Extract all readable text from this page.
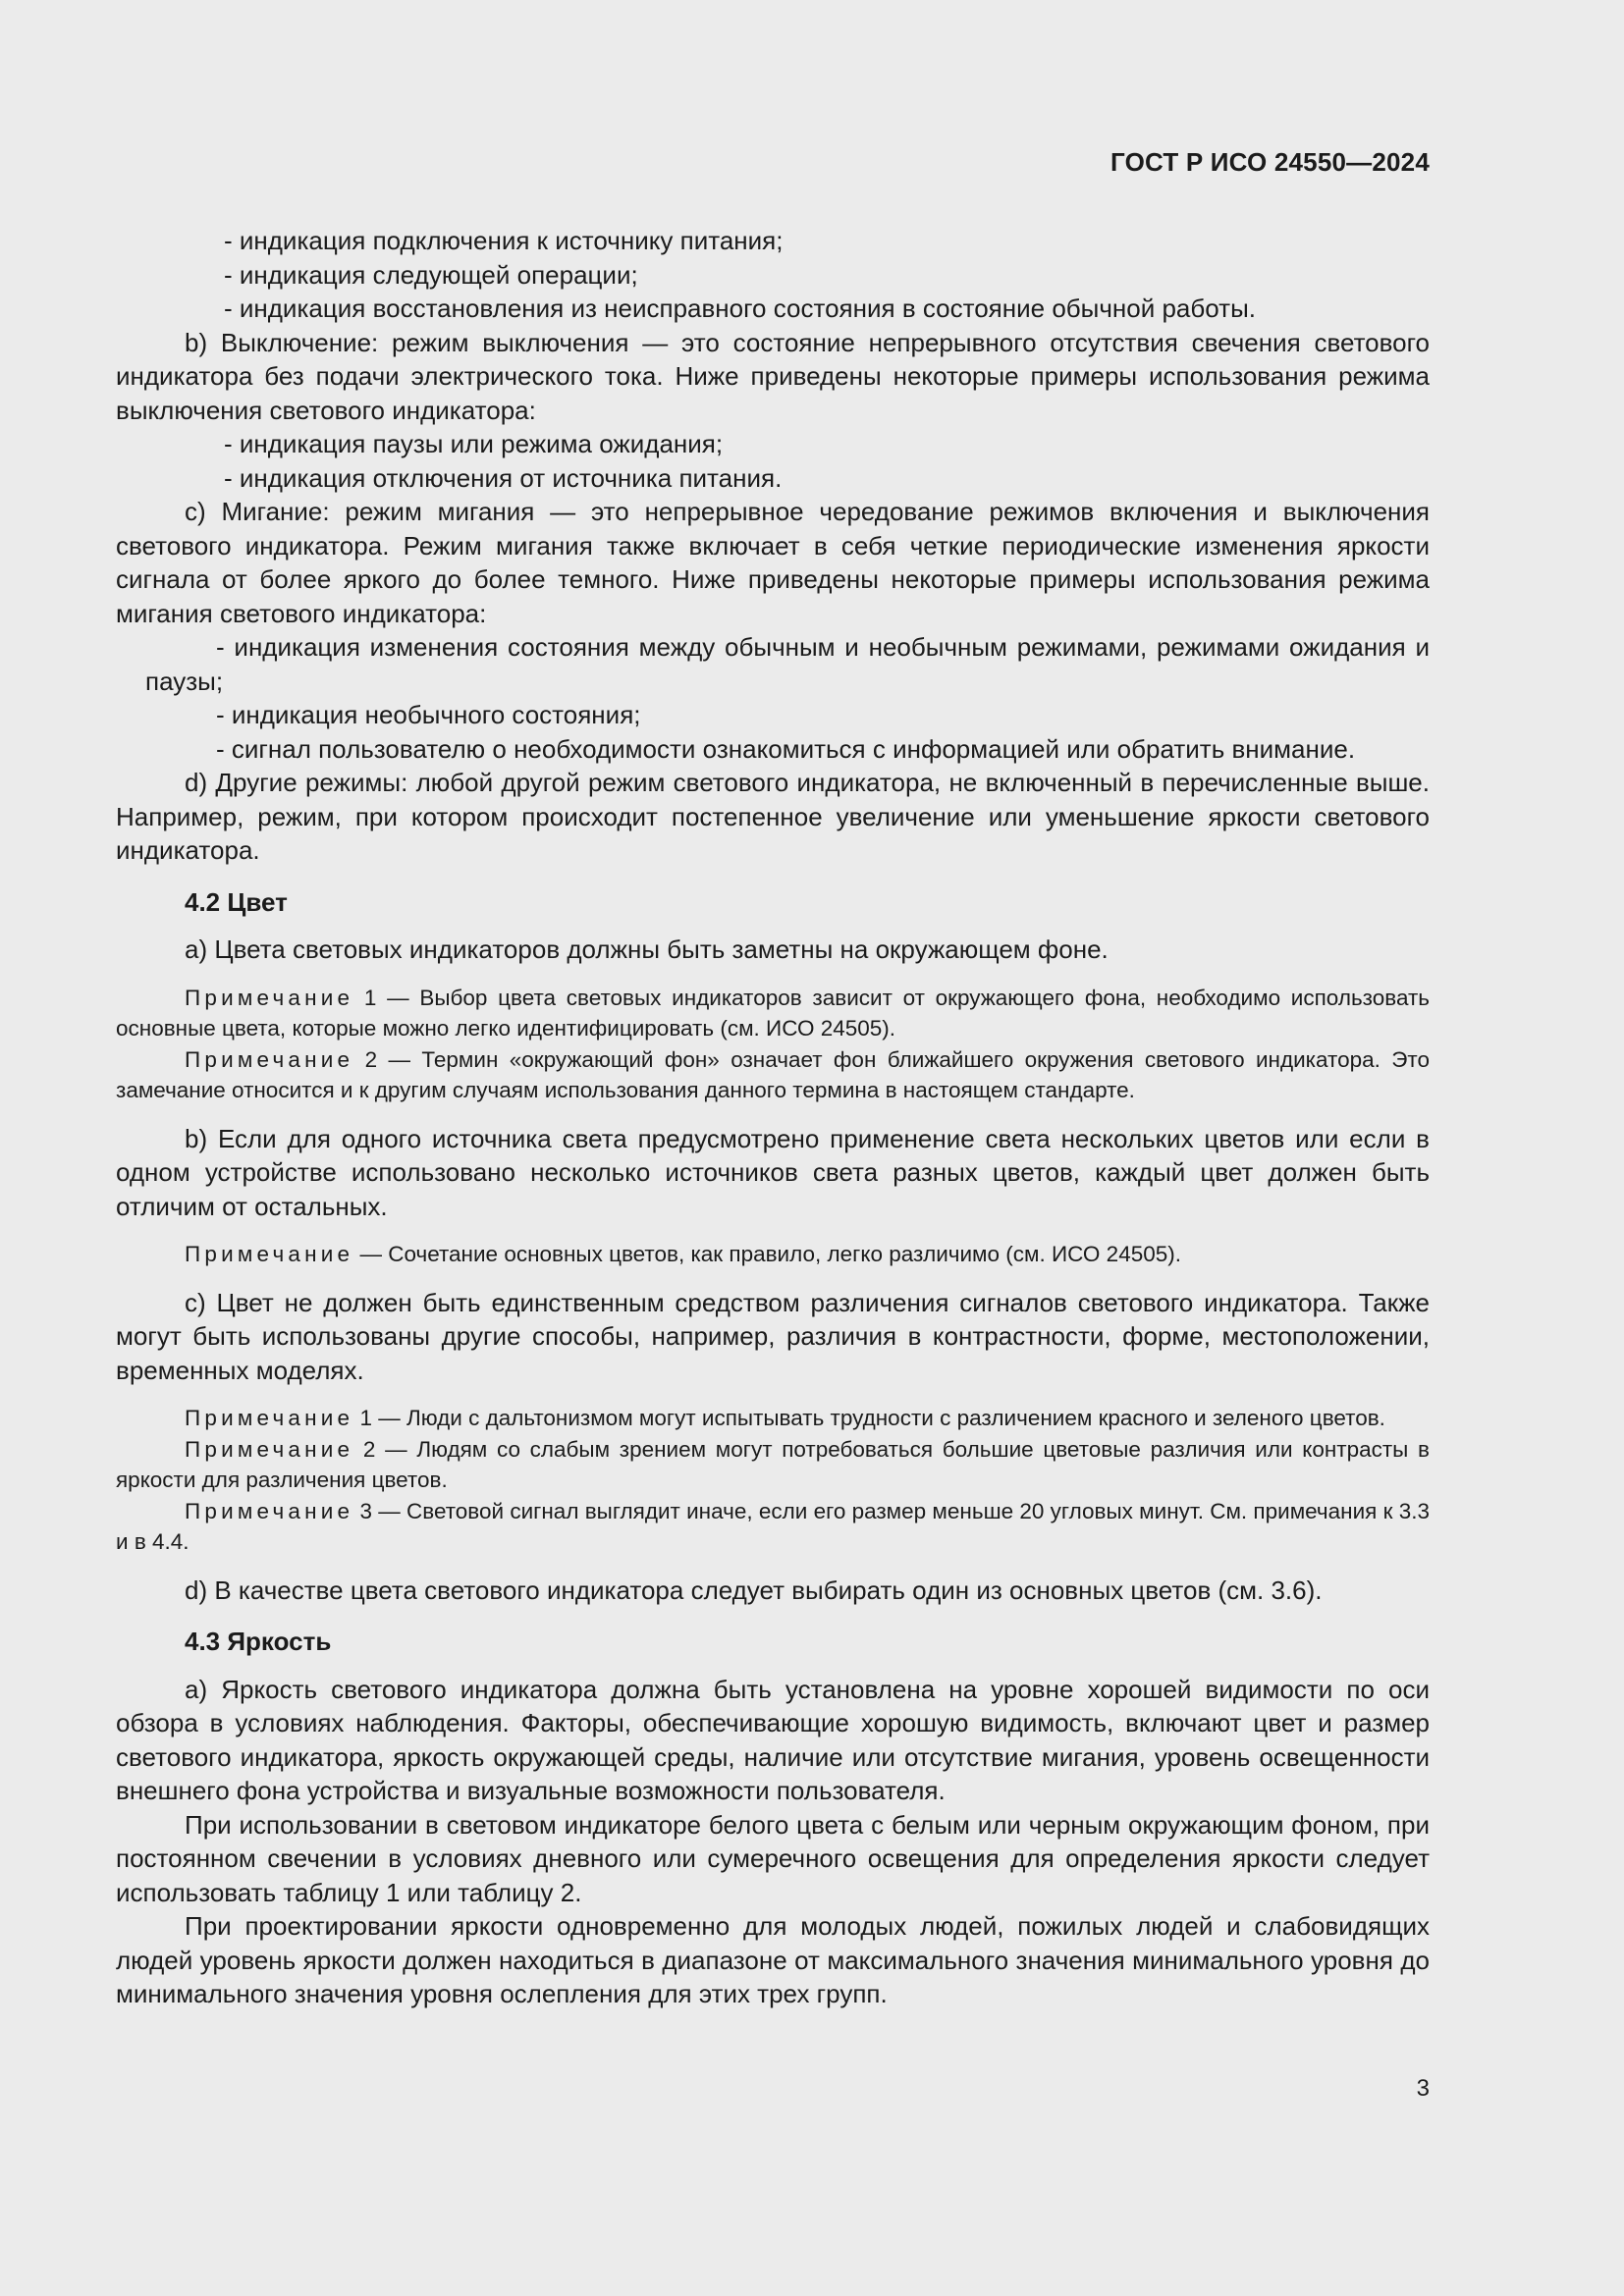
ГОСТ Р ИСО 24550—2024

- индикация подключения к источнику питания;

- индикация следующей операции;

- индикация восстановления из неисправного состояния в состояние обычной работы.

b) Выключение: режим выключения — это состояние непрерывного отсутствия свечения светового индикатора без подачи электрического тока. Ниже приведены некоторые примеры использования режима выключения светового индикатора:

- индикация паузы или режима ожидания;

- индикация отключения от источника питания.

c) Мигание: режим мигания — это непрерывное чередование режимов включения и выключения светового индикатора. Режим мигания также включает в себя четкие периодические изменения яркости сигнала от более яркого до более темного. Ниже приведены некоторые примеры использования режима мигания светового индикатора:

- индикация изменения состояния между обычным и необычным режимами, режимами ожидания и паузы;

- индикация необычного состояния;

- сигнал пользователю о необходимости ознакомиться с информацией или обратить внимание.

d) Другие режимы: любой другой режим светового индикатора, не включенный в перечисленные выше. Например, режим, при котором происходит постепенное увеличение или уменьшение яркости светового индикатора.

4.2 Цвет

a) Цвета световых индикаторов должны быть заметны на окружающем фоне.

Примечание 1 — Выбор цвета световых индикаторов зависит от окружающего фона, необходимо использовать основные цвета, которые можно легко идентифицировать (см. ИСО 24505).

Примечание 2 — Термин «окружающий фон» означает фон ближайшего окружения светового индикатора. Это замечание относится и к другим случаям использования данного термина в настоящем стандарте.

b) Если для одного источника света предусмотрено применение света нескольких цветов или если в одном устройстве использовано несколько источников света разных цветов, каждый цвет должен быть отличим от остальных.

Примечание — Сочетание основных цветов, как правило, легко различимо (см. ИСО 24505).

c) Цвет не должен быть единственным средством различения сигналов светового индикатора. Также могут быть использованы другие способы, например, различия в контрастности, форме, местоположении, временных моделях.

Примечание 1 — Люди с дальтонизмом могут испытывать трудности с различением красного и зеленого цветов.

Примечание 2 — Людям со слабым зрением могут потребоваться большие цветовые различия или контрасты в яркости для различения цветов.

Примечание 3 — Световой сигнал выглядит иначе, если его размер меньше 20 угловых минут. См. примечания к 3.3 и в 4.4.

d) В качестве цвета светового индикатора следует выбирать один из основных цветов (см. 3.6).

4.3 Яркость

a) Яркость светового индикатора должна быть установлена на уровне хорошей видимости по оси обзора в условиях наблюдения. Факторы, обеспечивающие хорошую видимость, включают цвет и размер светового индикатора, яркость окружающей среды, наличие или отсутствие мигания, уровень освещенности внешнего фона устройства и визуальные возможности пользователя.

При использовании в световом индикаторе белого цвета с белым или черным окружающим фоном, при постоянном свечении в условиях дневного или сумеречного освещения для определения яркости следует использовать таблицу 1 или таблицу 2.

При проектировании яркости одновременно для молодых людей, пожилых людей и слабовидящих людей уровень яркости должен находиться в диапазоне от максимального значения минимального уровня до минимального значения уровня ослепления для этих трех групп.

3
